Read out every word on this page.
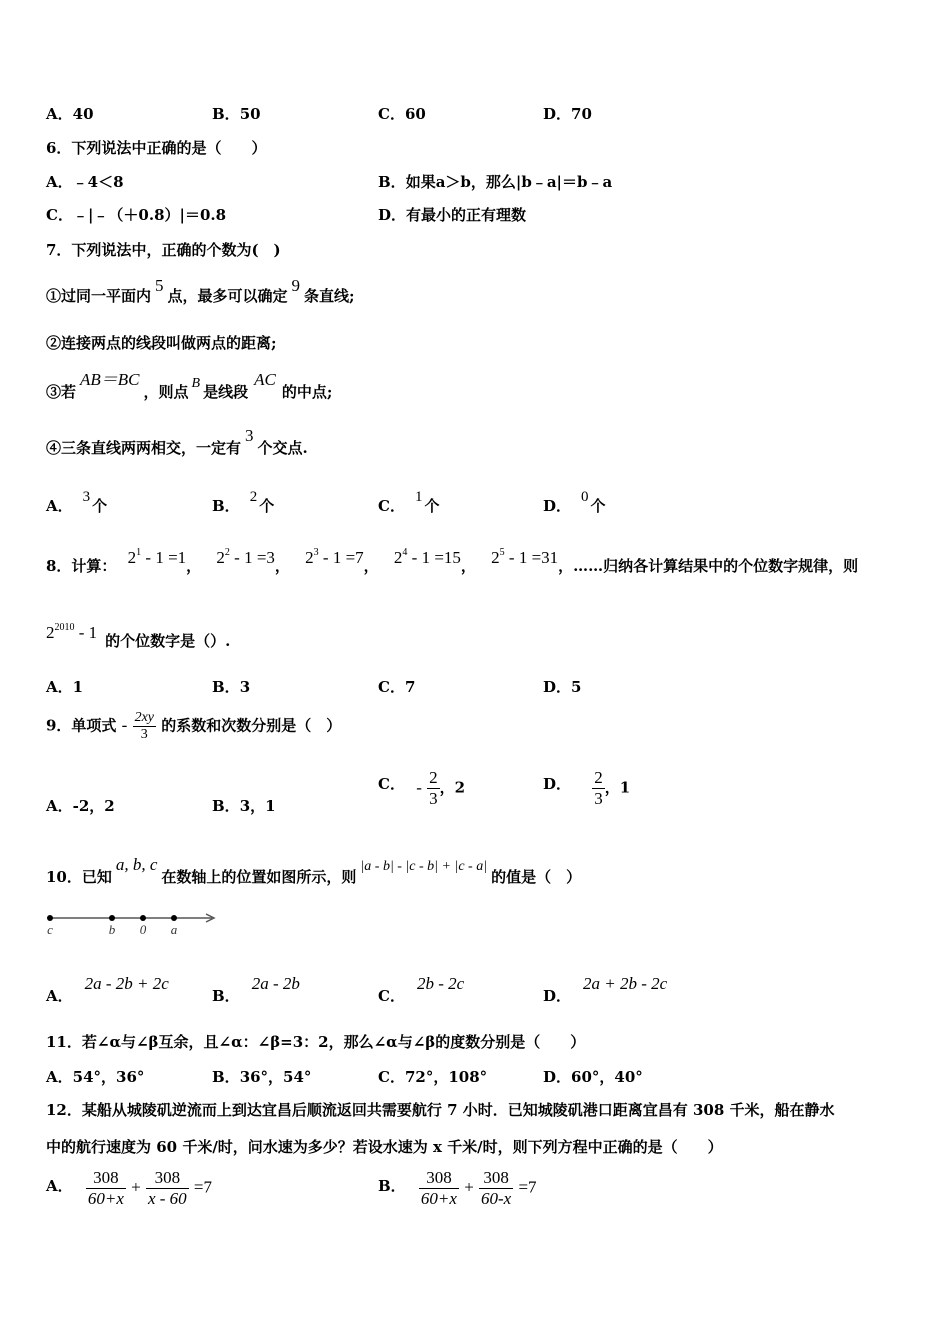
A．40	B．50	C．60	D．70
6．下列说法中正确的是（　　）
A．﹣4＜8	B．如果a＞b，那么|b﹣a|＝b﹣a
C．﹣|﹣（＋0.8）|＝0.8	D．有最小的正有理数
7．下列说法中，正确的个数为(　)
①过同一平面内5点，最多可以确定9条直线;
②连接两点的线段叫做两点的距离;
③若AB＝BC，则点 B 是线段AC的中点;
④三条直线两两相交，一定有3个交点.
A． 3 个	B． 2 个	C． 1 个	D． 0 个
8．计算： $2^1 - 1 =1$， $2^2 - 1 =3$， $2^3 - 1 =7$， $2^4 - 1 =15$， $2^5 - 1 =31$，……归纳各计算结果中的个位数字规律，则
$2^{2010} - 1$ 的个位数字是（）.
A．1	B．3	C．7	D．5
9．单项式 - $\frac{2xy}{3}$ 的系数和次数分别是（　）
A．-2，2	B．3，1
C． - $\frac{2}{3}$ ，2	D． $\frac{2}{3}$ ，1
10．已知a, b, c在数轴上的位置如图所示，则|a - b| - |c - b| + |c - a|的值是（　）
c	b 0 a
A．2a - 2b + 2c
B．2a - 2b
C．2b - 2c
D．2a + 2b - 2c
11．若∠α与∠β互余，且∠α：∠β=3：2，那么∠α与∠β的度数分别是（　　）
A．54°，36°	B．36°，54°	C．72°，108°	D．60°，40°
12．某船从城陵矶逆流而上到达宜昌后顺流返回共需要航行 7 小时．已知城陵矶港口距离宜昌有 308 千米，船在静水
中的航行速度为 60 千米/时，问水速为多少？若设水速为 x 千米/时，则下列方程中正确的是（　　）
A． $\frac{308}{60+x} + \frac{308}{x - 60} =7$	B． $\frac{308}{60+x} + \frac{308}{60-x} =7$
